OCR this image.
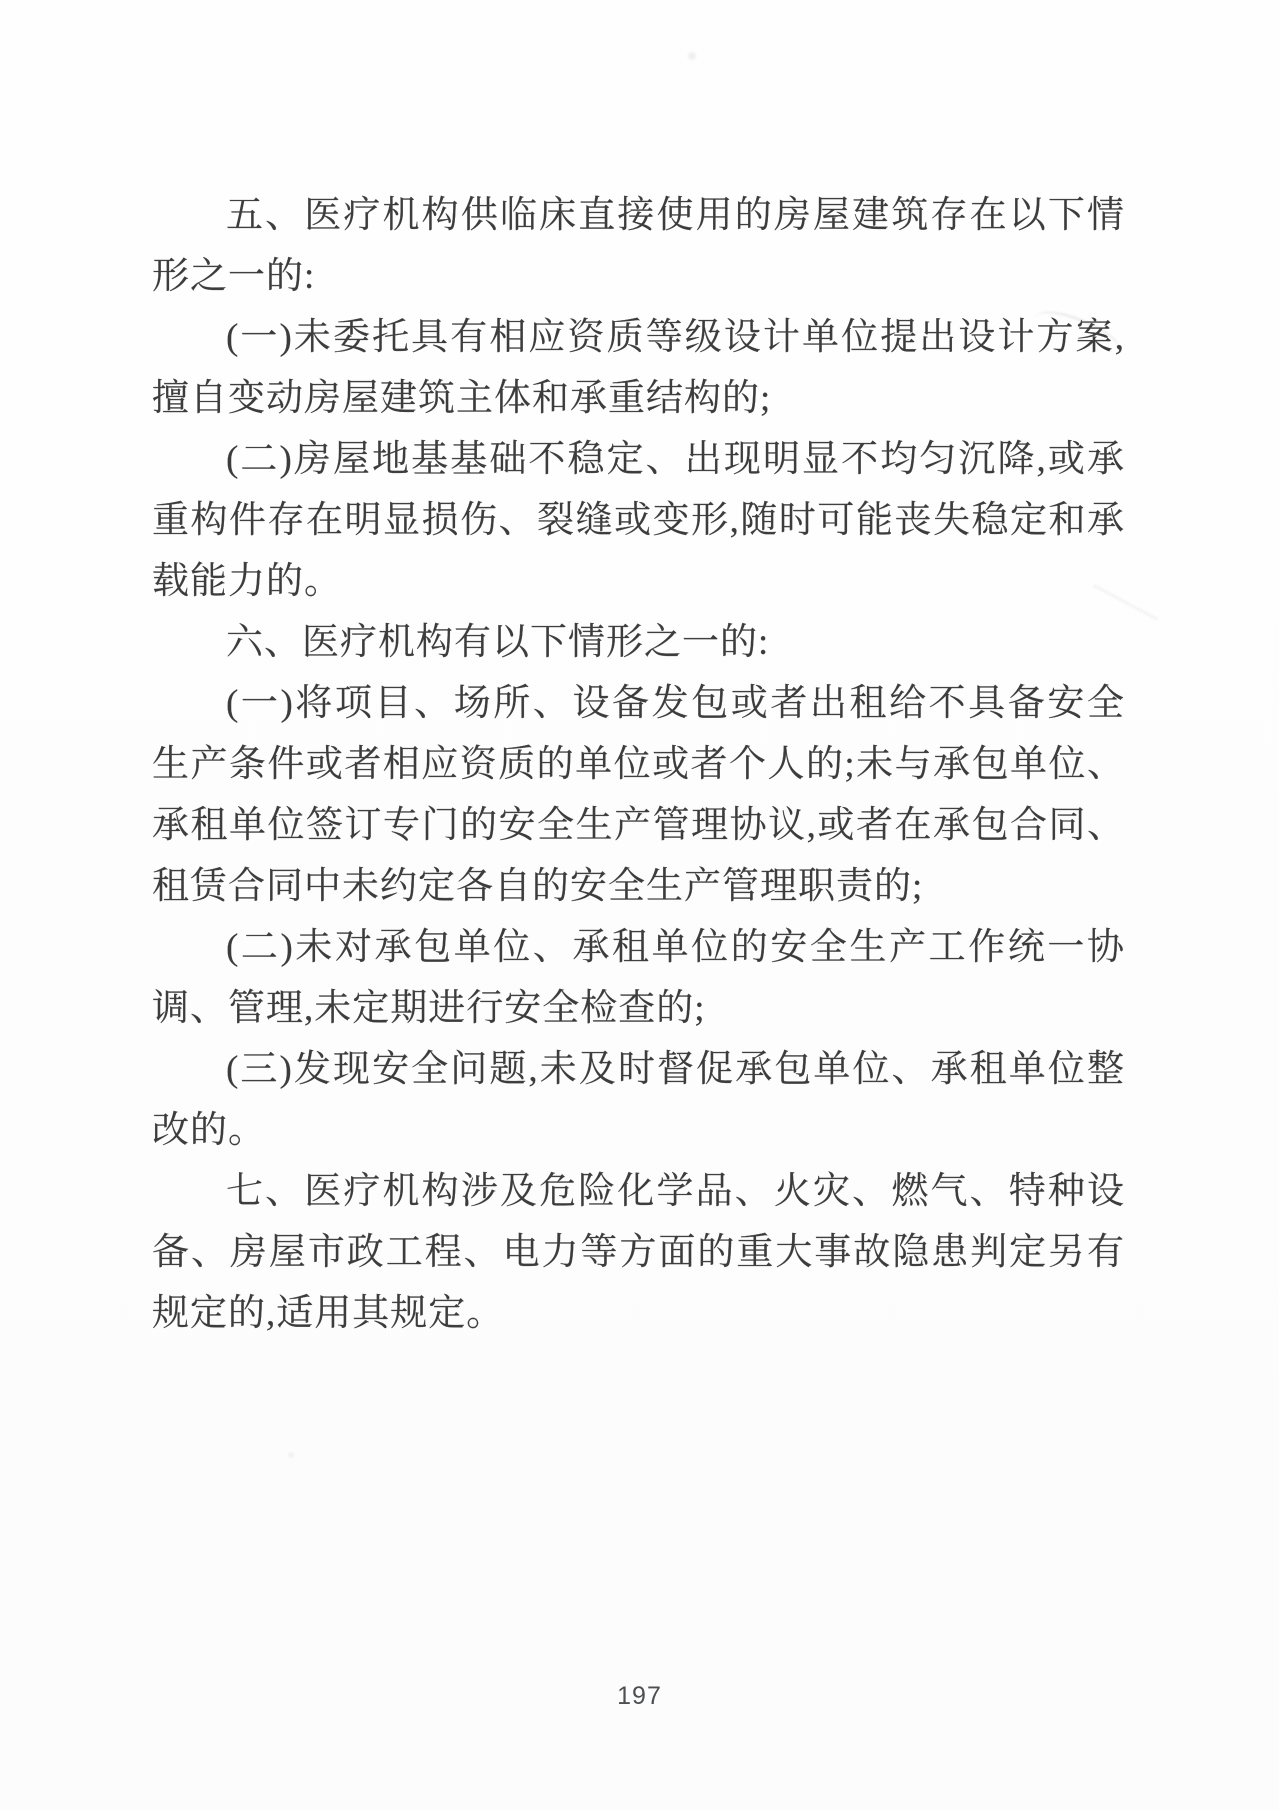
五、医疗机构供临床直接使用的房屋建筑存在以下情形之一的:

(一)未委托具有相应资质等级设计单位提出设计方案,擅自变动房屋建筑主体和承重结构的;

(二)房屋地基基础不稳定、出现明显不均匀沉降,或承重构件存在明显损伤、裂缝或变形,随时可能丧失稳定和承载能力的。

六、医疗机构有以下情形之一的:

(一)将项目、场所、设备发包或者出租给不具备安全生产条件或者相应资质的单位或者个人的;未与承包单位、承租单位签订专门的安全生产管理协议,或者在承包合同、租赁合同中未约定各自的安全生产管理职责的;

(二)未对承包单位、承租单位的安全生产工作统一协调、管理,未定期进行安全检查的;

(三)发现安全问题,未及时督促承包单位、承租单位整改的。

七、医疗机构涉及危险化学品、火灾、燃气、特种设备、房屋市政工程、电力等方面的重大事故隐患判定另有规定的,适用其规定。

197
